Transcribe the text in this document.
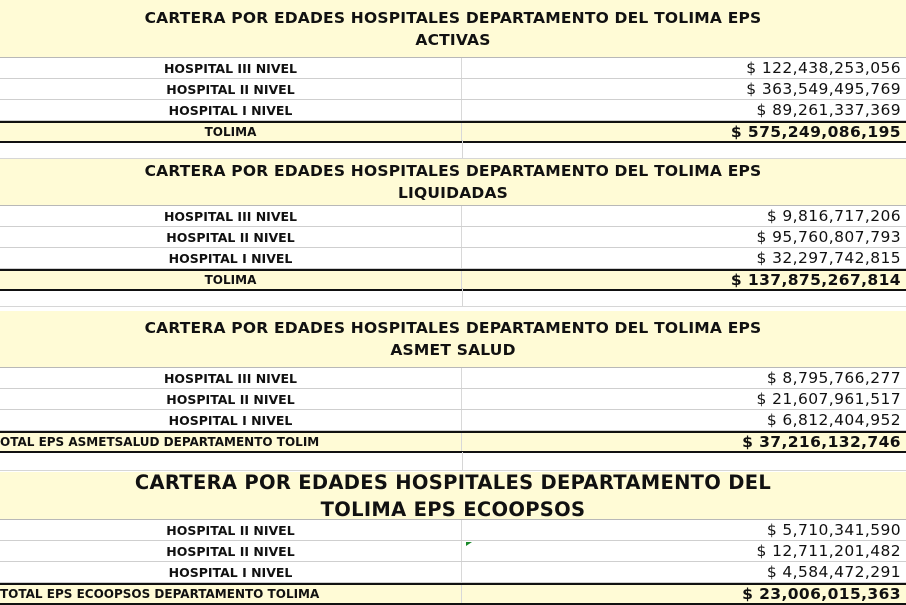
CARTERA POR EDADES HOSPITALES DEPARTAMENTO DEL TOLIMA EPS
ACTIVAS
HOSPITAL III NIVEL	$ 122,438,253,056
HOSPITAL II NIVEL	$ 363,549,495,769
HOSPITAL I NIVEL	$ 89,261,337,369
TOLIMA	$ 575,249,086,195
CARTERA POR EDADES HOSPITALES DEPARTAMENTO DEL TOLIMA EPS
LIQUIDADAS
HOSPITAL III NIVEL	$ 9,816,717,206
HOSPITAL II NIVEL	$ 95,760,807,793
HOSPITAL I NIVEL	$ 32,297,742,815
TOLIMA	$ 137,875,267,814
CARTERA POR EDADES HOSPITALES DEPARTAMENTO DEL TOLIMA EPS
ASMET SALUD
HOSPITAL III NIVEL	$ 8,795,766,277
HOSPITAL II NIVEL	$ 21,607,961,517
HOSPITAL I NIVEL	$ 6,812,404,952
OTAL EPS ASMETSALUD DEPARTAMENTO TOLIM	$ 37,216,132,746
CARTERA POR EDADES HOSPITALES DEPARTAMENTO DEL
TOLIMA EPS ECOOPSOS
HOSPITAL II NIVEL	$ 5,710,341,590
HOSPITAL II NIVEL	$ 12,711,201,482
HOSPITAL I NIVEL	$ 4,584,472,291
TOTAL EPS ECOOPSOS DEPARTAMENTO TOLIMA	$ 23,006,015,363
